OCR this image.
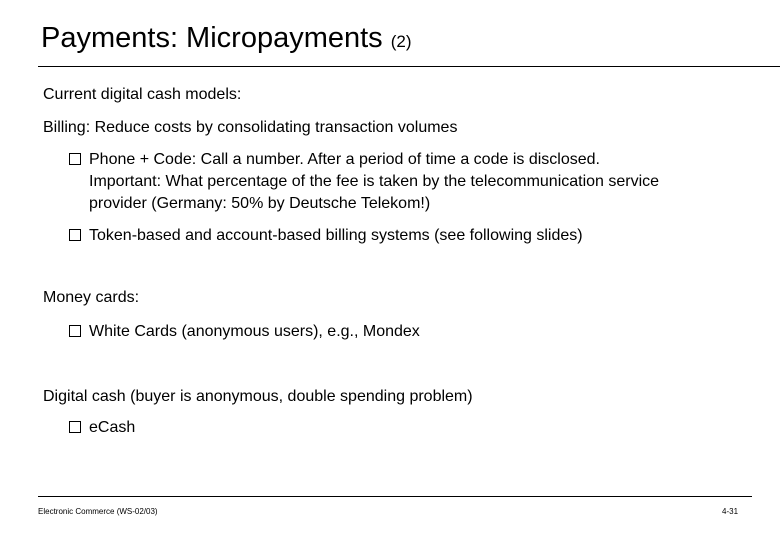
Payments: Micropayments (2)
Current digital cash models:
Billing: Reduce costs by consolidating transaction volumes
Phone + Code: Call a number. After a period of time a code is disclosed.
Important: What percentage of the fee is taken by the telecommunication service
provider (Germany: 50% by Deutsche Telekom!)
Token-based and account-based billing systems (see following slides)
Money cards:
White Cards (anonymous users), e.g., Mondex
Digital cash (buyer is anonymous, double spending problem)
eCash
Electronic Commerce (WS-02/03)	4-31
